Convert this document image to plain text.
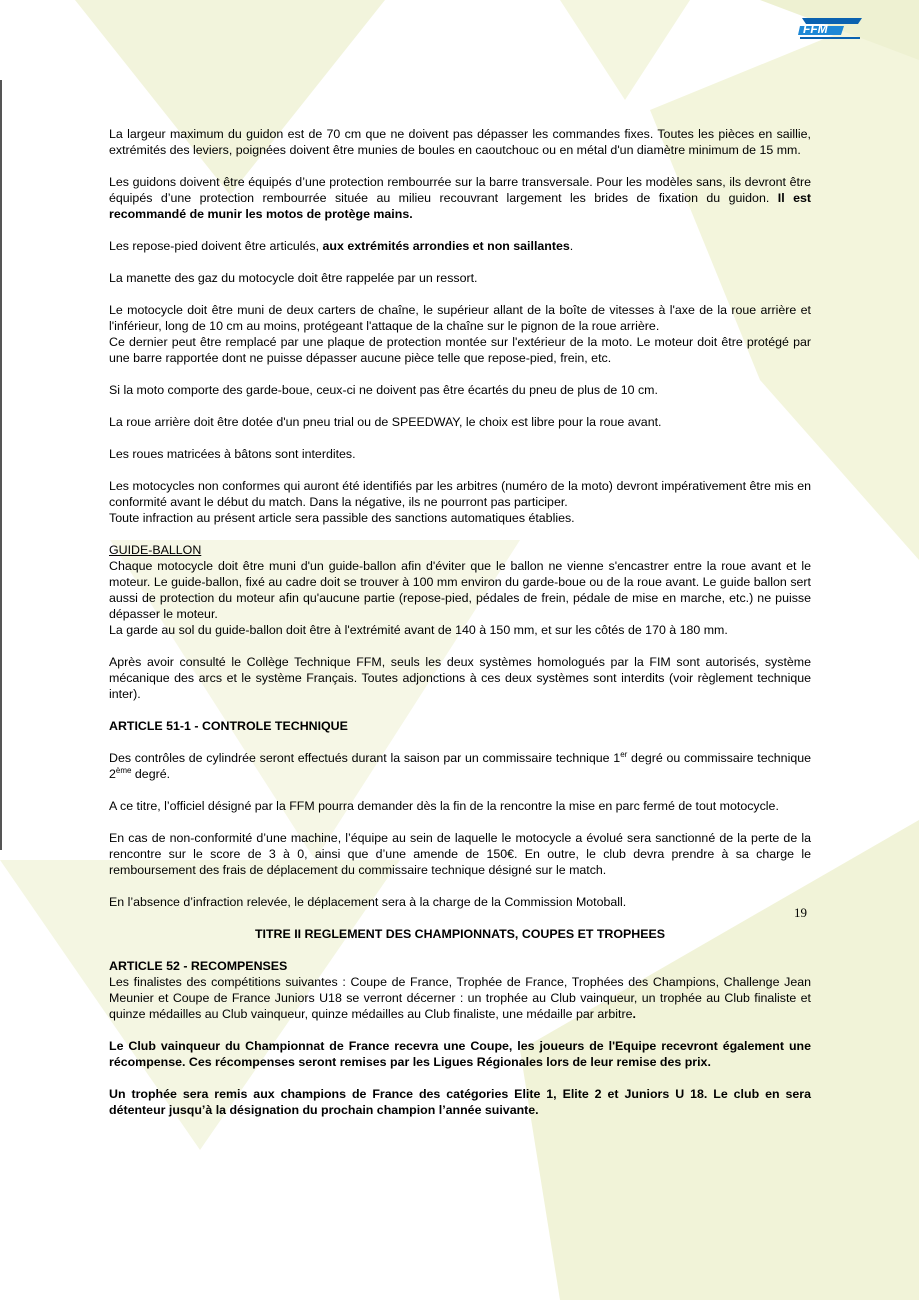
FFM

La largeur maximum du guidon est de 70 cm que ne doivent pas dépasser les commandes fixes. Toutes les pièces en saillie, extrémités des leviers, poignées doivent être munies de boules en caoutchouc ou en métal d'un diamètre minimum de 15 mm.

Les guidons doivent être équipés d’une protection rembourrée sur la barre transversale. Pour les modèles sans, ils devront être équipés d’une protection rembourrée située au milieu recouvrant largement les brides de fixation du guidon. Il est recommandé de munir les motos de protège mains.

Les repose-pied doivent être articulés, aux extrémités arrondies et non saillantes.

La manette des gaz du motocycle doit être rappelée par un ressort.

Le motocycle doit être muni de deux carters de chaîne, le supérieur allant de la boîte de vitesses à l'axe de la roue arrière et l'inférieur, long de 10 cm au moins, protégeant l'attaque de la chaîne sur le pignon de la roue arrière.
Ce dernier peut être remplacé par une plaque de protection montée sur l'extérieur de la moto. Le moteur doit être protégé par une barre rapportée dont ne puisse dépasser aucune pièce telle que repose-pied, frein, etc.

Si la moto comporte des garde-boue, ceux-ci ne doivent pas être écartés du pneu de plus de 10 cm.

La roue arrière doit être dotée d'un pneu trial ou de SPEEDWAY, le choix est libre pour la roue avant.

Les roues matricées à bâtons sont interdites.

Les motocycles non conformes qui auront été identifiés par les arbitres (numéro de la moto) devront impérativement être mis en conformité avant le début du match. Dans la négative, ils ne pourront pas participer.
Toute infraction au présent article sera passible des sanctions automatiques établies.

GUIDE-BALLON
Chaque motocycle doit être muni d'un guide-ballon afin d'éviter que le ballon ne vienne s'encastrer entre la roue avant et le moteur. Le guide-ballon, fixé au cadre doit se trouver à 100 mm environ du garde-boue ou de la roue avant. Le guide ballon sert aussi de protection du moteur afin qu'aucune partie (repose-pied, pédales de frein, pédale de mise en marche, etc.) ne puisse dépasser le moteur.
La garde au sol du guide-ballon doit être à l'extrémité avant de 140 à 150 mm, et sur les côtés de 170 à 180 mm.

Après avoir consulté le Collège Technique FFM, seuls les deux systèmes homologués par la FIM sont autorisés, système mécanique des arcs et le système Français. Toutes adjonctions à ces deux systèmes sont interdits (voir règlement technique inter).

ARTICLE 51-1 - CONTROLE TECHNIQUE

Des contrôles de cylindrée seront effectués durant la saison par un commissaire technique 1er degré ou commissaire technique 2ème degré.

A ce titre, l’officiel désigné par la FFM pourra demander dès la fin de la rencontre la mise en parc fermé de tout motocycle.

En cas de non-conformité d’une machine, l’équipe au sein de laquelle le motocycle a évolué sera sanctionné de la perte de la rencontre sur le score de 3 à 0, ainsi que d’une amende de 150€. En outre, le club devra prendre à sa charge le remboursement des frais de déplacement du commissaire technique désigné sur le match.

En l’absence d’infraction relevée, le déplacement sera à la charge de la Commission Motoball.

TITRE II REGLEMENT DES CHAMPIONNATS, COUPES ET TROPHEES

ARTICLE 52 - RECOMPENSES
Les finalistes des compétitions suivantes : Coupe de France, Trophée de France, Trophées des Champions, Challenge Jean Meunier et Coupe de France Juniors U18 se verront décerner : un trophée au Club vainqueur, un trophée au Club finaliste et quinze médailles au Club vainqueur, quinze médailles au Club finaliste, une médaille par arbitre.

Le Club vainqueur du Championnat de France recevra une Coupe, les joueurs de l'Equipe recevront également une récompense. Ces récompenses seront remises par les Ligues Régionales lors de leur remise des prix.

Un trophée sera remis aux champions de France des catégories Elite 1, Elite 2 et Juniors U 18. Le club en sera détenteur jusqu’à la désignation du prochain champion l’année suivante.

19
